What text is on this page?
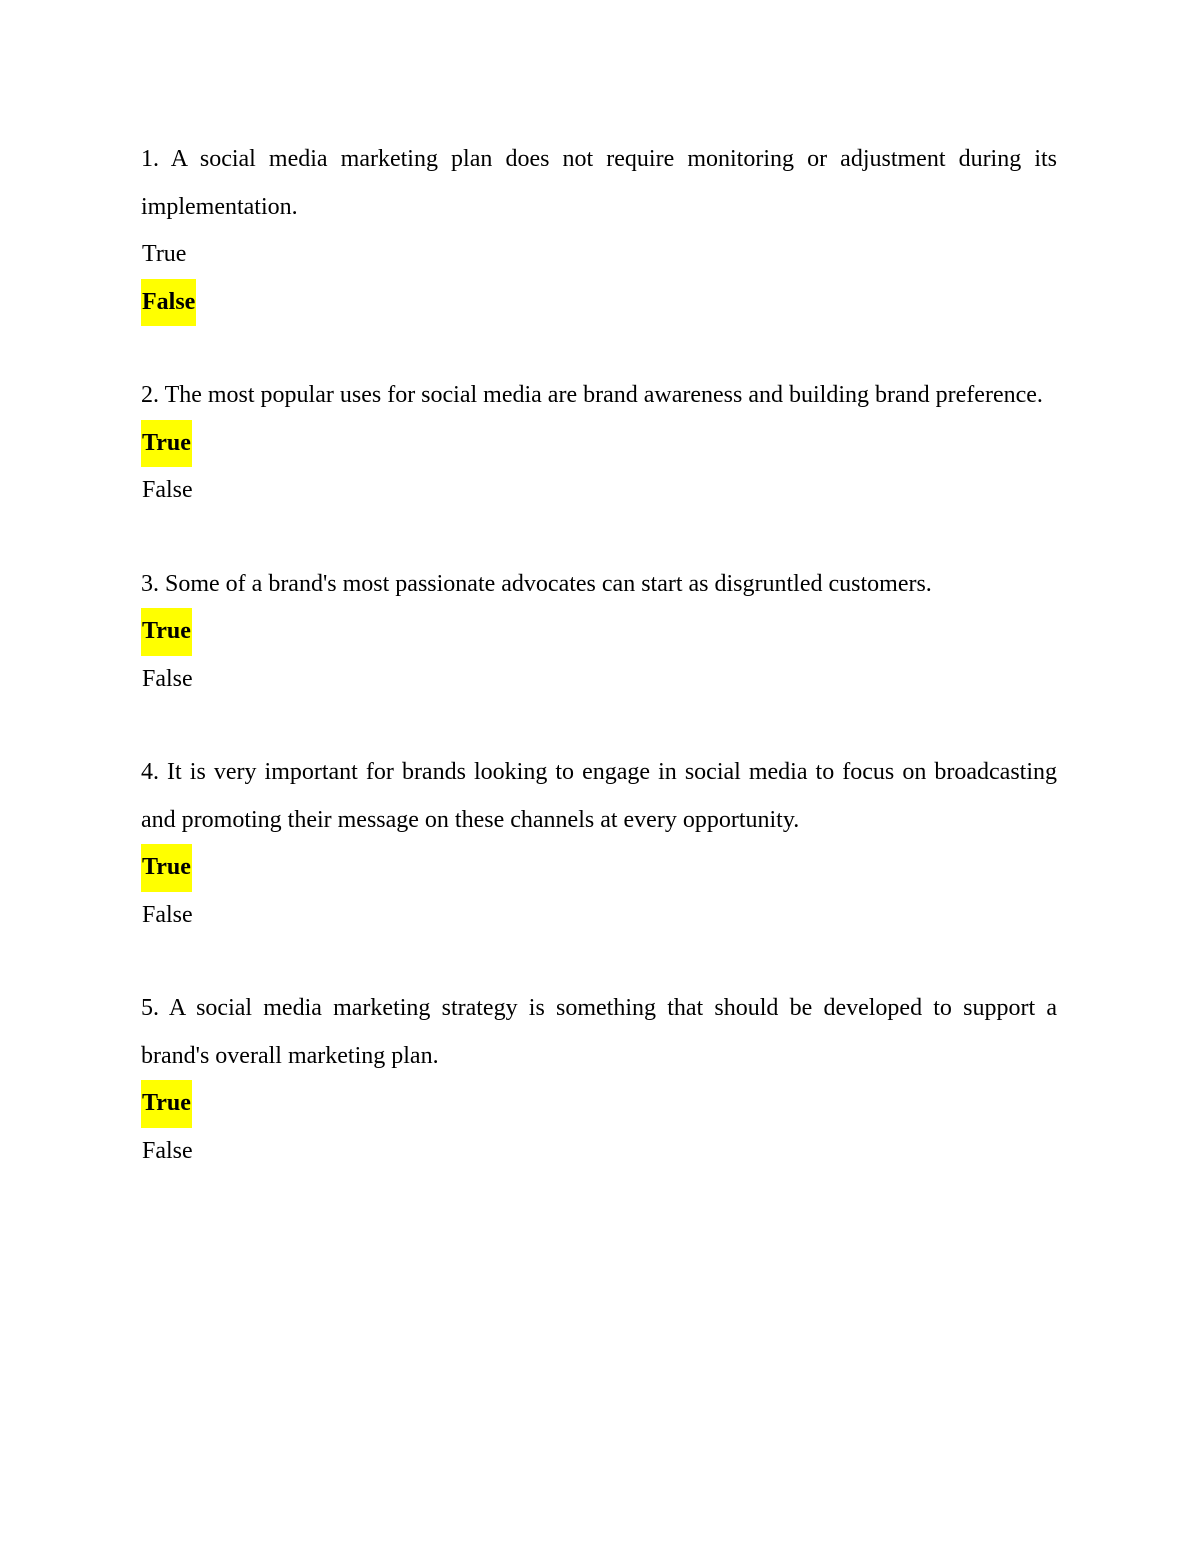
1. A social media marketing plan does not require monitoring or adjustment during its implementation.

True

False

2. The most popular uses for social media are brand awareness and building brand preference.

True

False

3. Some of a brand's most passionate advocates can start as disgruntled customers.

True

False

4. It is very important for brands looking to engage in social media to focus on broadcasting and promoting their message on these channels at every opportunity.

True

False

5. A social media marketing strategy is something that should be developed to support a brand's overall marketing plan.

True

False
